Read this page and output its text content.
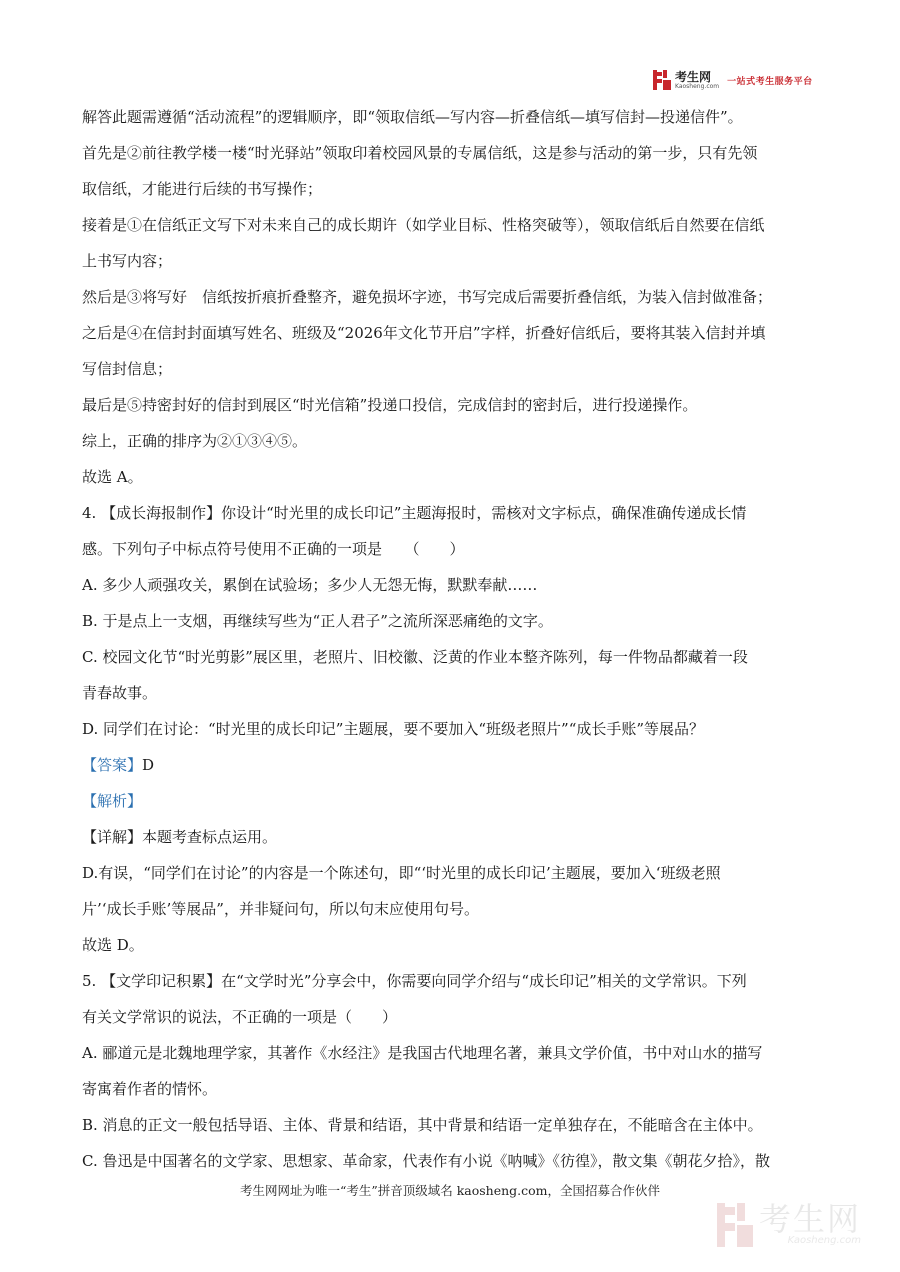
考生网
Kaosheng.com 一站式考生服务平台

解答此题需遵循“活动流程”的逻辑顺序，即“领取信纸—写内容—折叠信纸—填写信封—投递信件”。

首先是②前往教学楼一楼“时光驿站”领取印着校园风景的专属信纸，这是参与活动的第一步，只有先领

取信纸，才能进行后续的书写操作；

接着是①在信纸正文写下对未来自己的成长期许（如学业目标、性格突破等），领取信纸后自然要在信纸

上书写内容；

然后是③将写好　信纸按折痕折叠整齐，避免损坏字迹，书写完成后需要折叠信纸，为装入信封做准备；

之后是④在信封封面填写姓名、班级及“2026年文化节开启”字样，折叠好信纸后，要将其装入信封并填

写信封信息；

最后是⑤持密封好的信封到展区“时光信箱”投递口投信，完成信封的密封后，进行投递操作。

综上，正确的排序为②①③④⑤。

故选 A。

4. 【成长海报制作】你设计“时光里的成长印记”主题海报时，需核对文字标点，确保准确传递成长情

感。下列句子中标点符号使用不正确的一项是　　（　　）

A. 多少人顽强攻关，累倒在试验场；多少人无怨无悔，默默奉献……

B. 于是点上一支烟，再继续写些为“正人君子”之流所深恶痛绝的文字。

C. 校园文化节“时光剪影”展区里，老照片、旧校徽、泛黄的作业本整齐陈列，每一件物品都藏着一段

青春故事。

D. 同学们在讨论：“时光里的成长印记”主题展，要不要加入“班级老照片”“成长手账”等展品？

【答案】D

【解析】

【详解】本题考查标点运用。

D.有误，“同学们在讨论”的内容是一个陈述句，即“‘时光里的成长印记’主题展，要加入‘班级老照

片’‘成长手账’等展品”，并非疑问句，所以句末应使用句号。

故选 D。

5. 【文学印记积累】在“文学时光”分享会中，你需要向同学介绍与“成长印记”相关的文学常识。下列

有关文学常识的说法，不正确的一项是（　　）

A. 郦道元是北魏地理学家，其著作《水经注》是我国古代地理名著，兼具文学价值，书中对山水的描写

寄寓着作者的情怀。

B. 消息的正文一般包括导语、主体、背景和结语，其中背景和结语一定单独存在，不能暗含在主体中。

C. 鲁迅是中国著名的文学家、思想家、革命家，代表作有小说《呐喊》《彷徨》，散文集《朝花夕拾》，散

考生网网址为唯一“考生”拼音顶级域名 kaosheng.com，全国招募合作伙伴
考生网
Kaosheng.com
